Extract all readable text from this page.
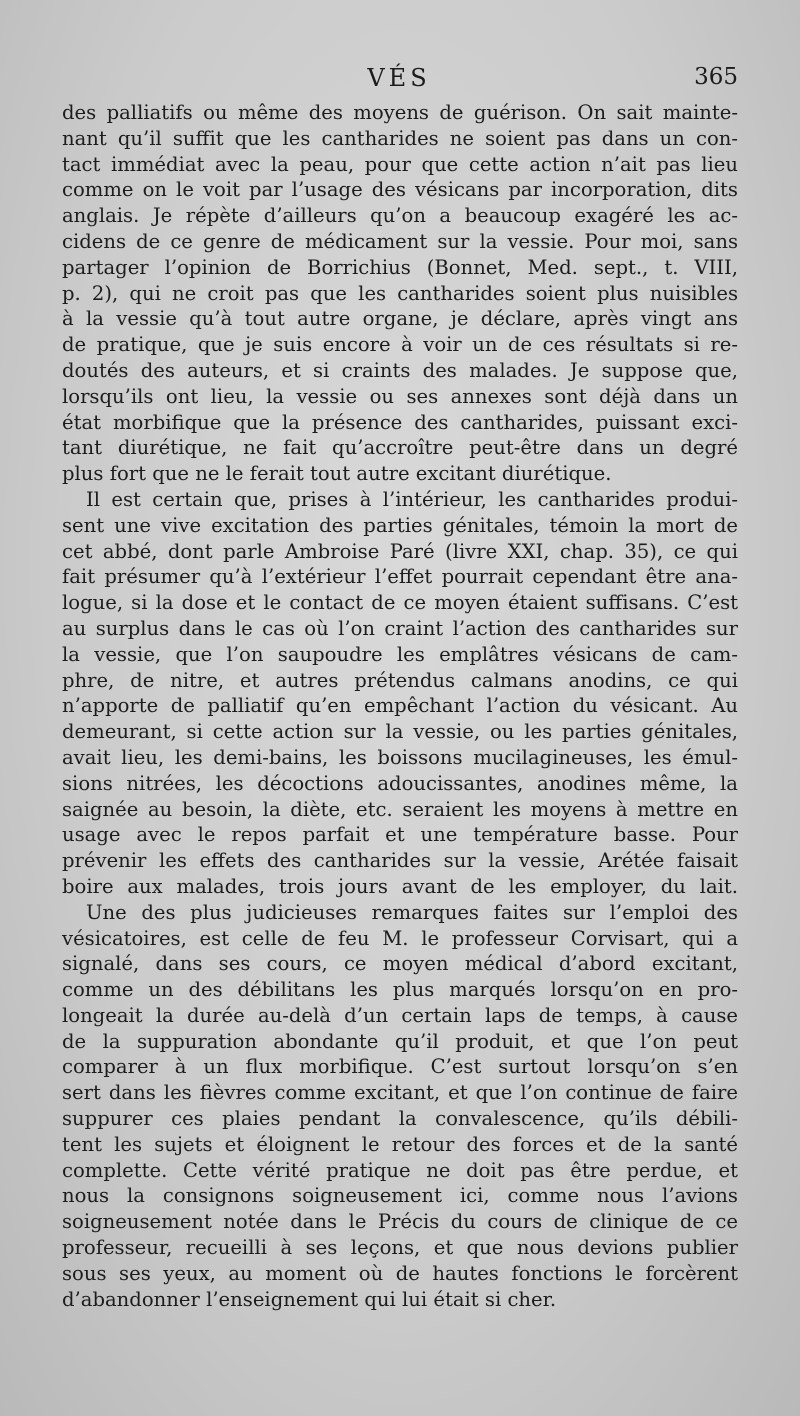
VÉS	365
des palliatifs ou même des moyens de guérison. On sait mainte-
nant qu’il suffit que les cantharides ne soient pas dans un con-
tact immédiat avec la peau, pour que cette action n’ait pas lieu
comme on le voit par l’usage des vésicans par incorporation, dits
anglais. Je répète d’ailleurs qu’on a beaucoup exagéré les ac-
cidens de ce genre de médicament sur la vessie. Pour moi, sans
partager l’opinion de Borrichius (Bonnet, Med. sept., t. VIII,
p. 2), qui ne croit pas que les cantharides soient plus nuisibles
à la vessie qu’à tout autre organe, je déclare, après vingt ans
de pratique, que je suis encore à voir un de ces résultats si re-
doutés des auteurs, et si craints des malades. Je suppose que,
lorsqu’ils ont lieu, la vessie ou ses annexes sont déjà dans un
état morbifique que la présence des cantharides, puissant exci-
tant diurétique, ne fait qu’accroître peut-être dans un degré
plus fort que ne le ferait tout autre excitant diurétique.
Il est certain que, prises à l’intérieur, les cantharides produi-
sent une vive excitation des parties génitales, témoin la mort de
cet abbé, dont parle Ambroise Paré (livre XXI, chap. 35), ce qui
fait présumer qu’à l’extérieur l’effet pourrait cependant être ana-
logue, si la dose et le contact de ce moyen étaient suffisans. C’est
au surplus dans le cas où l’on craint l’action des cantharides sur
la vessie, que l’on saupoudre les emplâtres vésicans de cam-
phre, de nitre, et autres prétendus calmans anodins, ce qui
n’apporte de palliatif qu’en empêchant l’action du vésicant. Au
demeurant, si cette action sur la vessie, ou les parties génitales,
avait lieu, les demi-bains, les boissons mucilagineuses, les émul-
sions nitrées, les décoctions adoucissantes, anodines même, la
saignée au besoin, la diète, etc. seraient les moyens à mettre en
usage avec le repos parfait et une température basse. Pour
prévenir les effets des cantharides sur la vessie, Arétée faisait
boire aux malades, trois jours avant de les employer, du lait.
Une des plus judicieuses remarques faites sur l’emploi des
vésicatoires, est celle de feu M. le professeur Corvisart, qui a
signalé, dans ses cours, ce moyen médical d’abord excitant,
comme un des débilitans les plus marqués lorsqu’on en pro-
longeait la durée au-delà d’un certain laps de temps, à cause
de la suppuration abondante qu’il produit, et que l’on peut
comparer à un flux morbifique. C’est surtout lorsqu’on s’en
sert dans les fièvres comme excitant, et que l’on continue de faire
suppurer ces plaies pendant la convalescence, qu’ils débili-
tent les sujets et éloignent le retour des forces et de la santé
complette. Cette vérité pratique ne doit pas être perdue, et
nous la consignons soigneusement ici, comme nous l’avions
soigneusement notée dans le Précis du cours de clinique de ce
professeur, recueilli à ses leçons, et que nous devions publier
sous ses yeux, au moment où de hautes fonctions le forcèrent
d’abandonner l’enseignement qui lui était si cher.
